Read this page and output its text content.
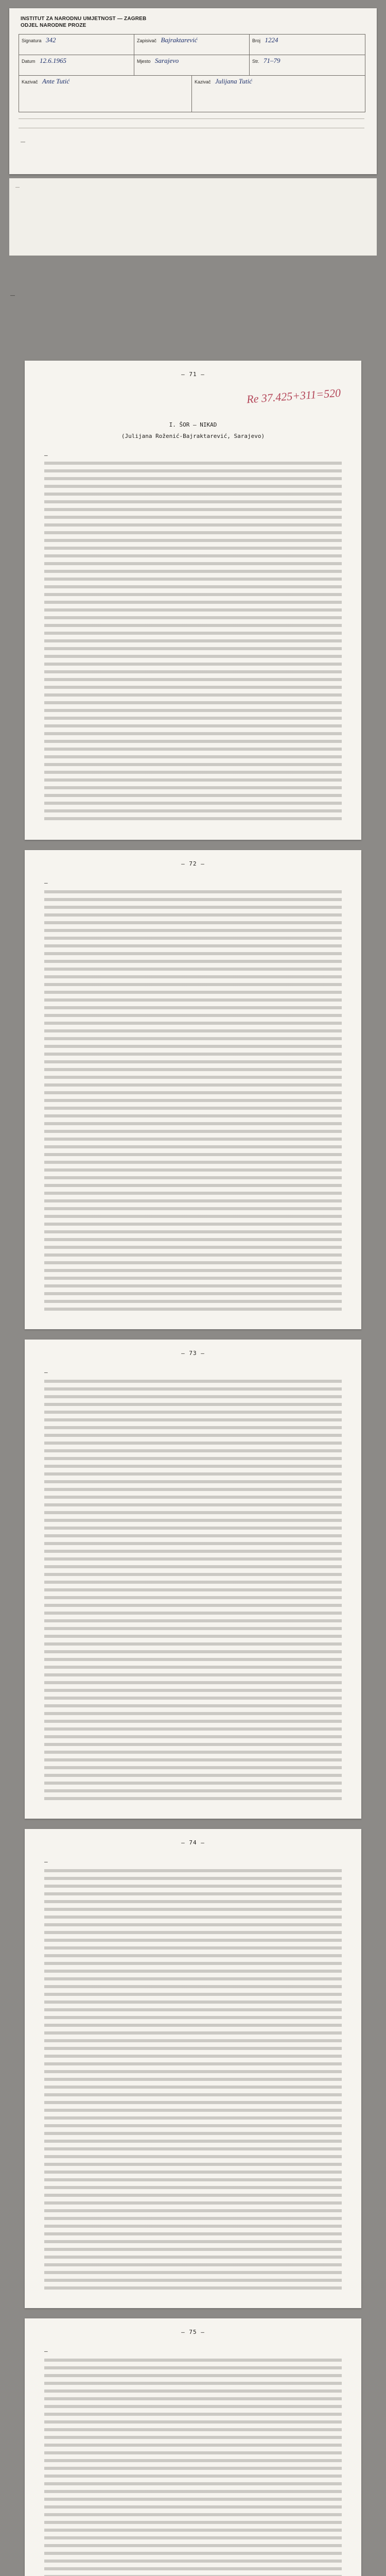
INSTITUT ZA NARODNU UMJETNOST — ZAGREB
ODJEL NARODNE PROZE
Signatura 342	Zapisivač Bajraktarević	Broj 1224
Datum 12.6.1965	Mjesto Sarajevo	Str. 71–79
Kazivač Ante Tutić	Kazivač Julijana Tutić
—
—
—
— 71 —
Re 37.425+311=520
I. ŠOR — NIKAD
(Julijana Roženić-Bajraktarević, Sarajevo)
—
— 72 —
—
— 73 —
—
— 74 —
—
— 75 —
—
